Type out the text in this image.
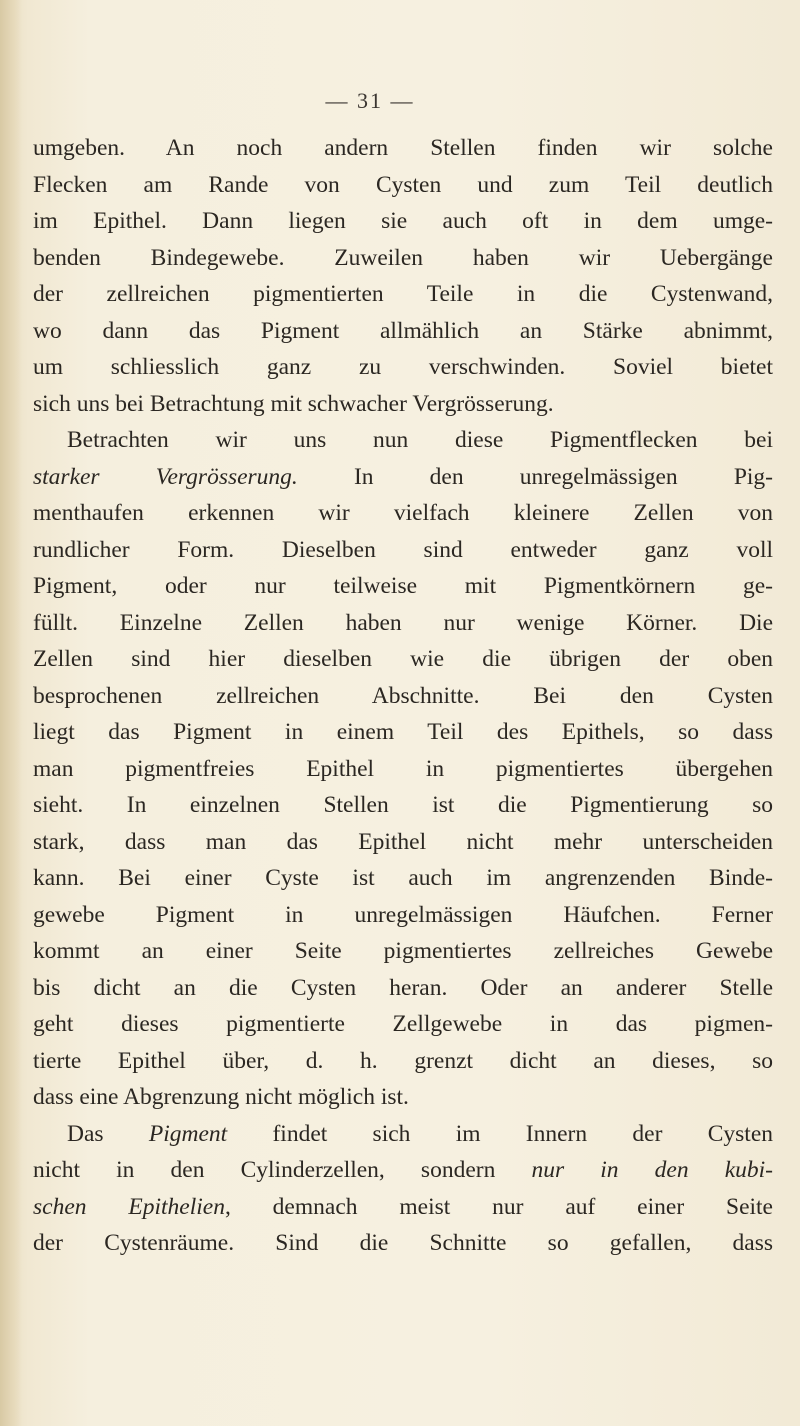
— 31 —
umgeben. An noch andern Stellen finden wir solche
Flecken am Rande von Cysten und zum Teil deutlich
im Epithel. Dann liegen sie auch oft in dem umge-
benden Bindegewebe. Zuweilen haben wir Uebergänge
der zellreichen pigmentierten Teile in die Cystenwand,
wo dann das Pigment allmählich an Stärke abnimmt,
um schliesslich ganz zu verschwinden. Soviel bietet
sich uns bei Betrachtung mit schwacher Vergrösserung.
Betrachten wir uns nun diese Pigmentflecken bei
starker Vergrösserung. In den unregelmässigen Pig-
menthaufen erkennen wir vielfach kleinere Zellen von
rundlicher Form. Dieselben sind entweder ganz voll
Pigment, oder nur teilweise mit Pigmentkörnern ge-
füllt. Einzelne Zellen haben nur wenige Körner. Die
Zellen sind hier dieselben wie die übrigen der oben
besprochenen zellreichen Abschnitte. Bei den Cysten
liegt das Pigment in einem Teil des Epithels, so dass
man pigmentfreies Epithel in pigmentiertes übergehen
sieht. In einzelnen Stellen ist die Pigmentierung so
stark, dass man das Epithel nicht mehr unterscheiden
kann. Bei einer Cyste ist auch im angrenzenden Binde-
gewebe Pigment in unregelmässigen Häufchen. Ferner
kommt an einer Seite pigmentiertes zellreiches Gewebe
bis dicht an die Cysten heran. Oder an anderer Stelle
geht dieses pigmentierte Zellgewebe in das pigmen-
tierte Epithel über, d. h. grenzt dicht an dieses, so
dass eine Abgrenzung nicht möglich ist.
Das Pigment findet sich im Innern der Cysten
nicht in den Cylinderzellen, sondern nur in den kubi-
schen Epithelien, demnach meist nur auf einer Seite
der Cystenräume. Sind die Schnitte so gefallen, dass
